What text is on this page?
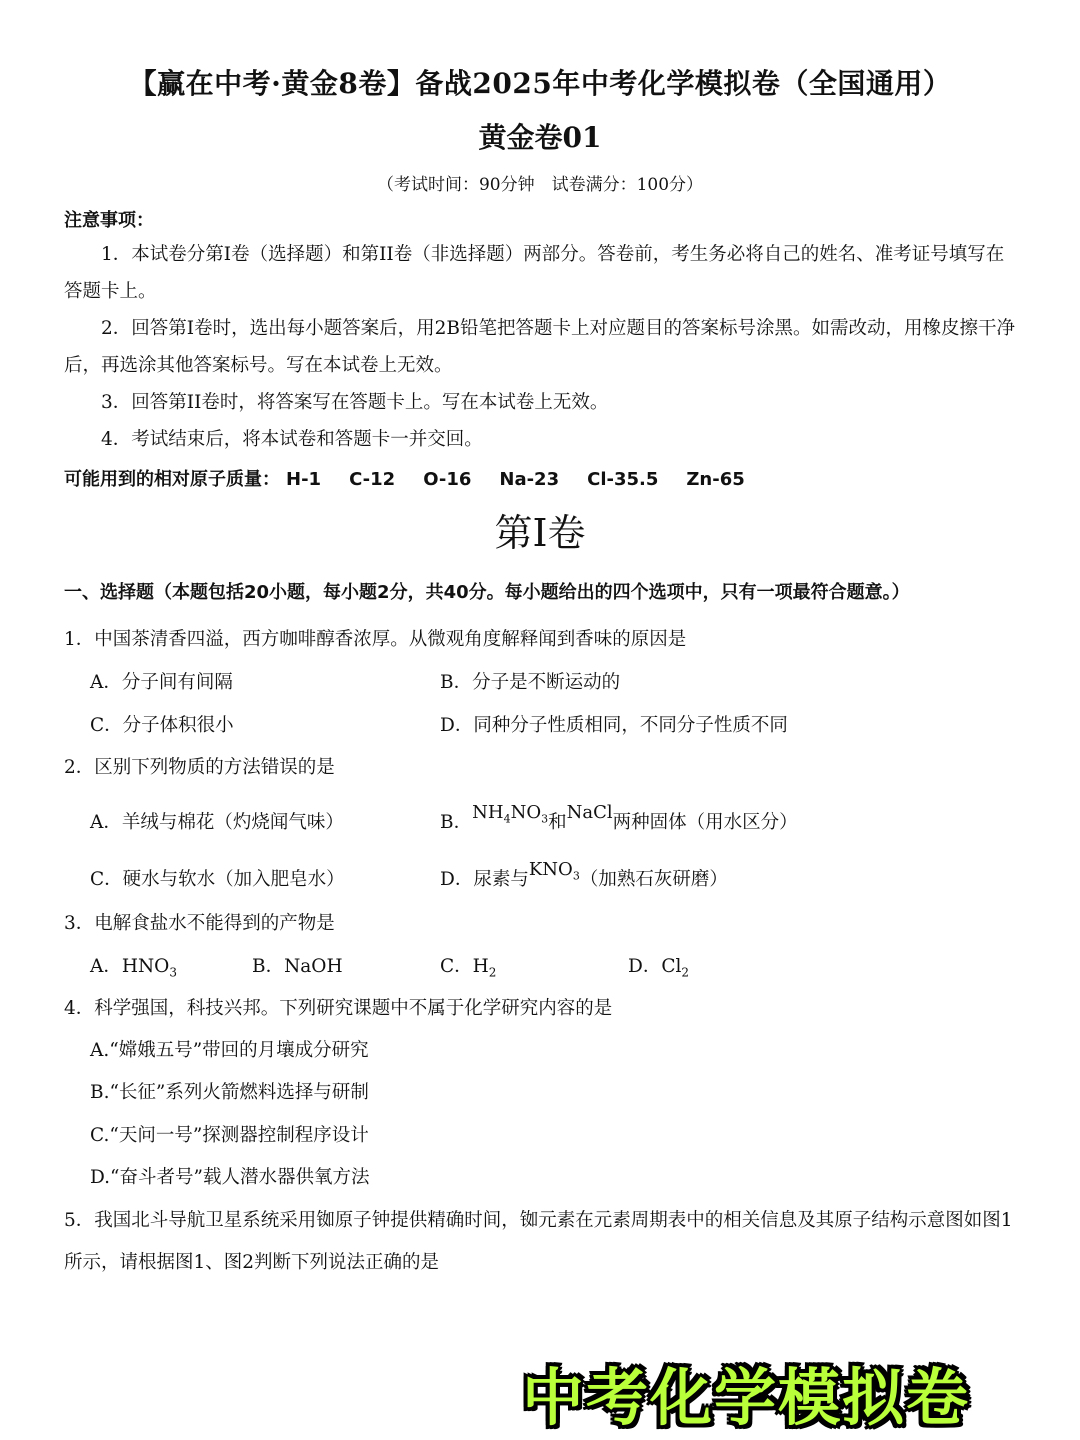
【赢在中考·黄金8卷】备战2025年中考化学模拟卷（全国通用）
黄金卷01
（考试时间：90分钟　试卷满分：100分）
注意事项：
1．本试卷分第I卷（选择题）和第II卷（非选择题）两部分。答卷前，考生务必将自己的姓名、准考证号填写在答题卡上。
2．回答第I卷时，选出每小题答案后，用2B铅笔把答题卡上对应题目的答案标号涂黑。如需改动，用橡皮擦干净后，再选涂其他答案标号。写在本试卷上无效。
3．回答第II卷时，将答案写在答题卡上。写在本试卷上无效。
4．考试结束后，将本试卷和答题卡一并交回。
可能用到的相对原子质量： H-1 C-12 O-16 Na-23 Cl-35.5 Zn-65
第I卷
一、选择题（本题包括20小题，每小题2分，共40分。每小题给出的四个选项中，只有一项最符合题意。）
1．中国茶清香四溢，西方咖啡醇香浓厚。从微观角度解释闻到香味的原因是
A．分子间有间隔	B．分子是不断运动的
C．分子体积很小	D．同种分子性质相同，不同分子性质不同
2．区别下列物质的方法错误的是
A．羊绒与棉花（灼烧闻气味）	B．$NH_4NO_3$和NaCl两种固体（用水区分）
C．硬水与软水（加入肥皂水）	D．尿素与$KNO_3$（加熟石灰研磨）
3．电解食盐水不能得到的产物是
A．$HNO_3$	B．NaOH	C．$H_2$	D．$Cl_2$
4．科学强国，科技兴邦。下列研究课题中不属于化学研究内容的是
A.“嫦娥五号”带回的月壤成分研究
B.“长征”系列火箭燃料选择与研制
C.“天问一号”探测器控制程序设计
D.“奋斗者号”载人潜水器供氧方法
5．我国北斗导航卫星系统采用铷原子钟提供精确时间，铷元素在元素周期表中的相关信息及其原子结构示意图如图1所示，请根据图1、图2判断下列说法正确的是
中考化学模拟卷
